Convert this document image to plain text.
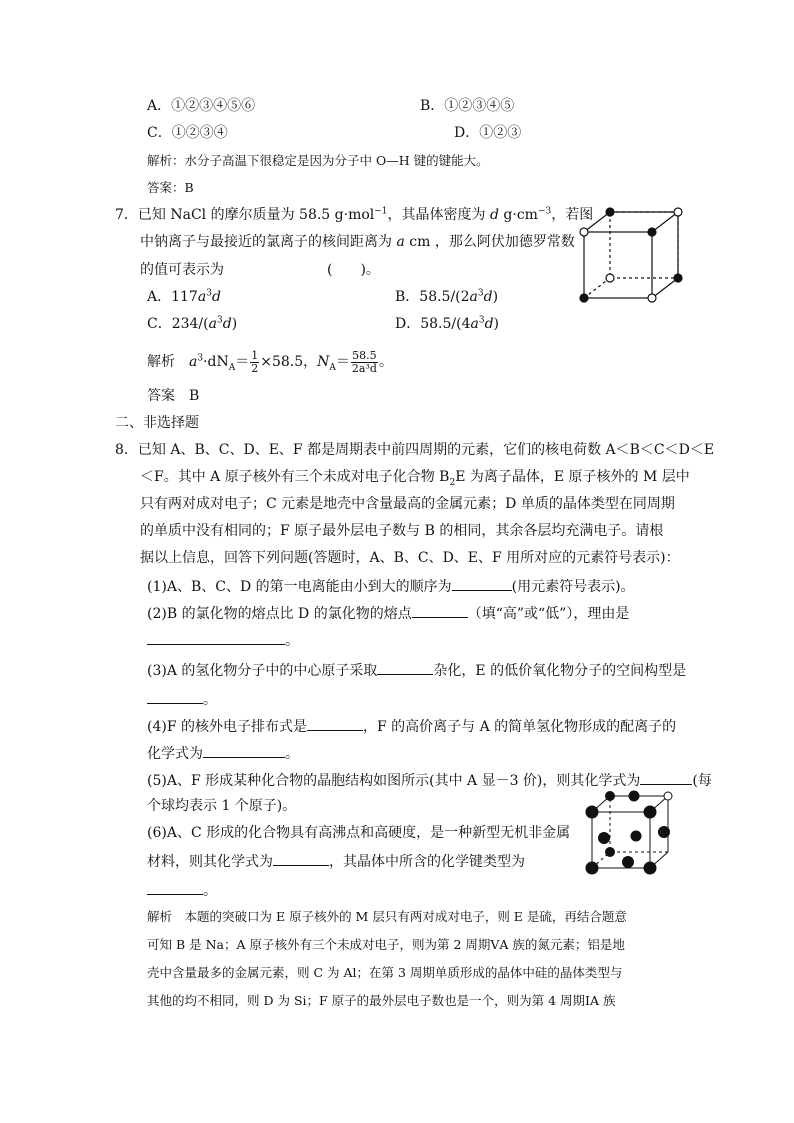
A．①②③④⑤⑥	B．①②③④⑤
C．①②③④	D．①②③
解析：水分子高温下很稳定是因为分子中 O—H 键的键能大。
答案：B
7．已知 NaCl 的摩尔质量为 58.5 g·mol$^{-1}$，其晶体密度为 d $g\cdot cm^{-3}$，若图
中钠离子与最接近的氯离子的核间距离为 a cm ，那么阿伏加德罗常数
的值可表示为	(　　)。
A．$117a^3d$	B．$58.5/(2a^3d)$
C．$234/(a^3d)$	D．$58.5/(4a^3d)$
解析　 $a^3\cdot dN_A= \frac{1}{2} \times 58.5$，$N_A= \frac{58.5}{\text{2a³d}}$ 。
答案　B
二、非选择题
8．已知 A、B、C、D、E、F 都是周期表中前四周期的元素，它们的核电荷数 A＜B＜C＜D＜E
＜F。其中 A 原子核外有三个未成对电子化合物 $B_2E$ 为离子晶体，E 原子核外的 M 层中
只有两对成对电子；C 元素是地壳中含量最高的金属元素；D 单质的晶体类型在同周期
的单质中没有相同的；F 原子最外层电子数与 B 的相同，其余各层均充满电子。请根
据以上信息，回答下列问题(答题时，A、B、C、D、E、F 用所对应的元素符号表示)：
(1)A、B、C、D 的第一电离能由小到大的顺序为	(用元素符号表示)。
(2)B 的氯化物的熔点比 D 的氯化物的熔点	（填“高”或“低”），理由是
。
(3)A 的氢化物分子中的中心原子采取	杂化，E 的低价氧化物分子的空间构型是
。
(4)F 的核外电子排布式是	，F 的高价离子与 A 的简单氢化物形成的配离子的
化学式为	。
(5)A、F 形成某种化合物的晶胞结构如图所示(其中 A 显－3 价)，则其化学式为	(每
个球均表示 1 个原子)。
(6)A、C 形成的化合物具有高沸点和高硬度，是一种新型无机非金属
材料，则其化学式为	，其晶体中所含的化学键类型为
。
解析　本题的突破口为 E 原子核外的 M 层只有两对成对电子，则 E 是硫，再结合题意
可知 B 是 Na；A 原子核外有三个未成对电子，则为第 2 周期ⅤA 族的氮元素；铝是地
壳中含量最多的金属元素，则 C 为 Al；在第 3 周期单质形成的晶体中硅的晶体类型与
其他的均不相同，则 D 为 Si；F 原子的最外层电子数也是一个，则为第 4 周期ⅠA 族
